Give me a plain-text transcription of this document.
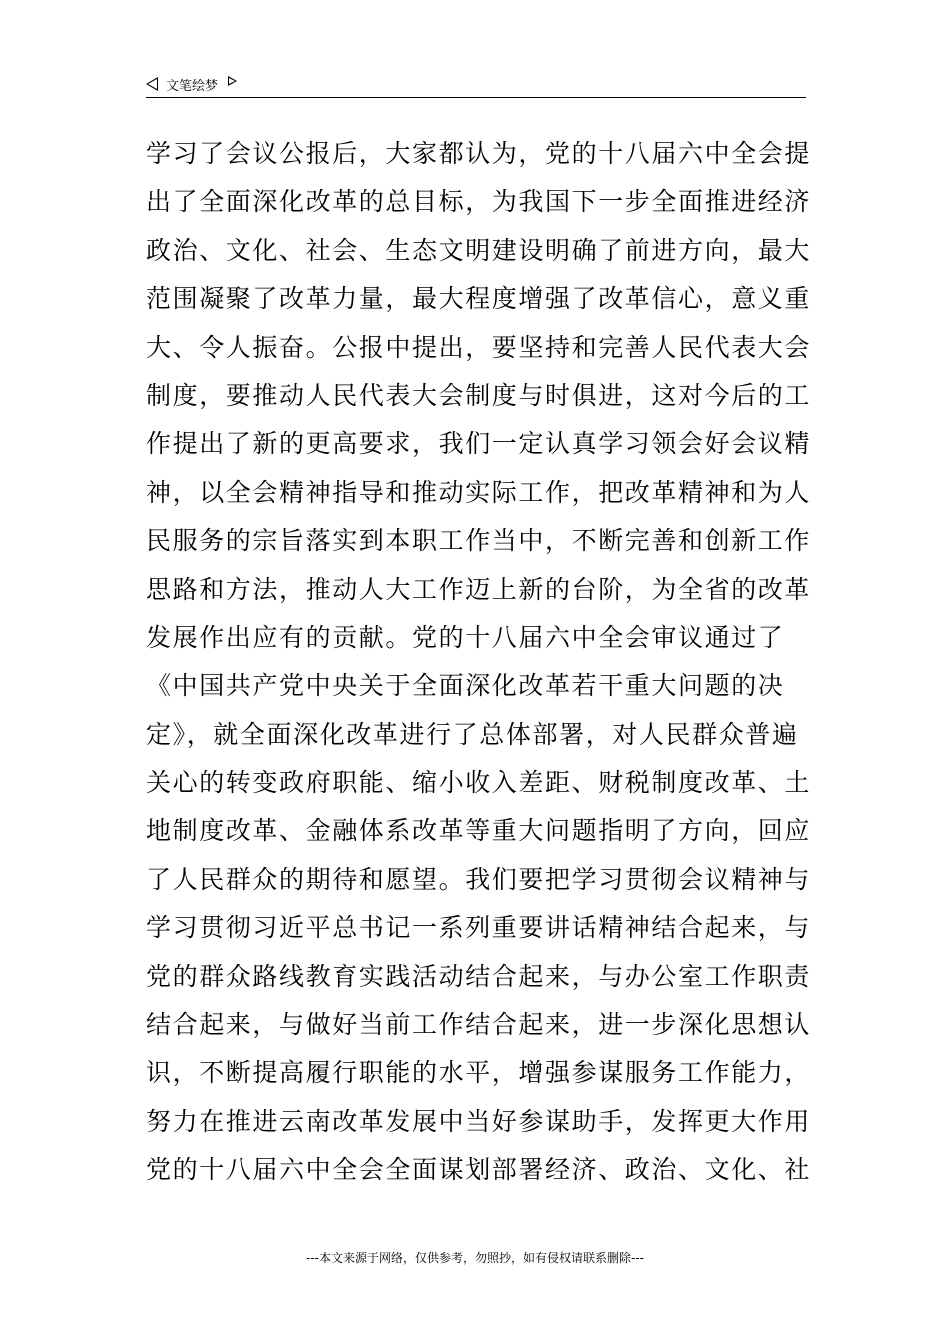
文笔绘梦
学习了会议公报后，大家都认为，党的十八届六中全会提
出了全面深化改革的总目标，为我国下一步全面推进经济
政治、文化、社会、生态文明建设明确了前进方向，最大
范围凝聚了改革力量，最大程度增强了改革信心，意义重
大、令人振奋。公报中提出，要坚持和完善人民代表大会
制度，要推动人民代表大会制度与时俱进，这对今后的工
作提出了新的更高要求，我们一定认真学习领会好会议精
神，以全会精神指导和推动实际工作，把改革精神和为人
民服务的宗旨落实到本职工作当中，不断完善和创新工作
思路和方法，推动人大工作迈上新的台阶，为全省的改革
发展作出应有的贡献。党的十八届六中全会审议通过了
《中国共产党中央关于全面深化改革若干重大问题的决
定》，就全面深化改革进行了总体部署，对人民群众普遍
关心的转变政府职能、缩小收入差距、财税制度改革、土
地制度改革、金融体系改革等重大问题指明了方向，回应
了人民群众的期待和愿望。我们要把学习贯彻会议精神与
学习贯彻习近平总书记一系列重要讲话精神结合起来，与
党的群众路线教育实践活动结合起来，与办公室工作职责
结合起来，与做好当前工作结合起来，进一步深化思想认
识，不断提高履行职能的水平，增强参谋服务工作能力，
努力在推进云南改革发展中当好参谋助手，发挥更大作用
党的十八届六中全会全面谋划部署经济、政治、文化、社
---本文来源于网络，仅供参考，勿照抄，如有侵权请联系删除---
